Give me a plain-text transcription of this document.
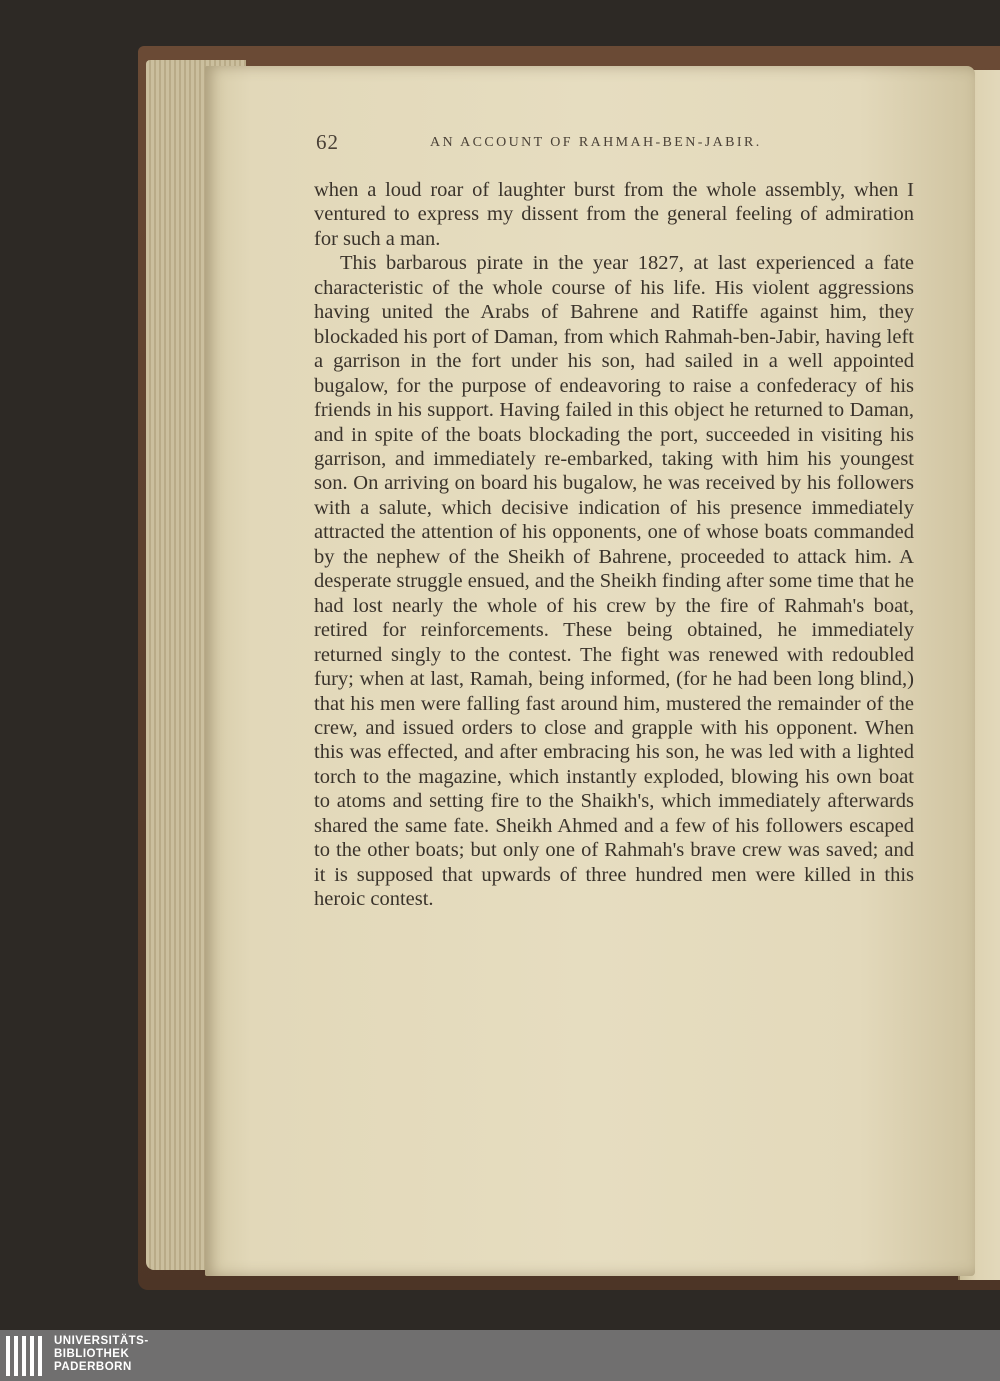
62	AN ACCOUNT OF RAHMAH-BEN-JABIR.

when a loud roar of laughter burst from the whole assembly, when I ventured to express my dissent from the general feeling of admiration for such a man.

This barbarous pirate in the year 1827, at last experienced a fate characteristic of the whole course of his life. His violent aggressions having united the Arabs of Bahrene and Ratiffe against him, they blockaded his port of Daman, from which Rahmah-ben-Jabir, having left a garrison in the fort under his son, had sailed in a well appointed bugalow, for the purpose of endeavoring to raise a confederacy of his friends in his support. Having failed in this object he returned to Daman, and in spite of the boats blockading the port, succeeded in visiting his garrison, and immediately re-embarked, taking with him his youngest son. On arriving on board his bugalow, he was received by his followers with a salute, which decisive indication of his presence immediately attracted the attention of his opponents, one of whose boats commanded by the nephew of the Sheikh of Bahrene, proceeded to attack him. A desperate struggle ensued, and the Sheikh finding after some time that he had lost nearly the whole of his crew by the fire of Rahmah's boat, retired for reinforcements. These being obtained, he immediately returned singly to the contest. The fight was renewed with redoubled fury; when at last, Ramah, being informed, (for he had been long blind,) that his men were falling fast around him, mustered the remainder of the crew, and issued orders to close and grapple with his opponent. When this was effected, and after embracing his son, he was led with a lighted torch to the magazine, which instantly exploded, blowing his own boat to atoms and setting fire to the Shaikh's, which immediately afterwards shared the same fate. Sheikh Ahmed and a few of his followers escaped to the other boats; but only one of Rahmah's brave crew was saved; and it is supposed that upwards of three hundred men were killed in this heroic contest.

UNIVERSITÄTS-
BIBLIOTHEK
PADERBORN
